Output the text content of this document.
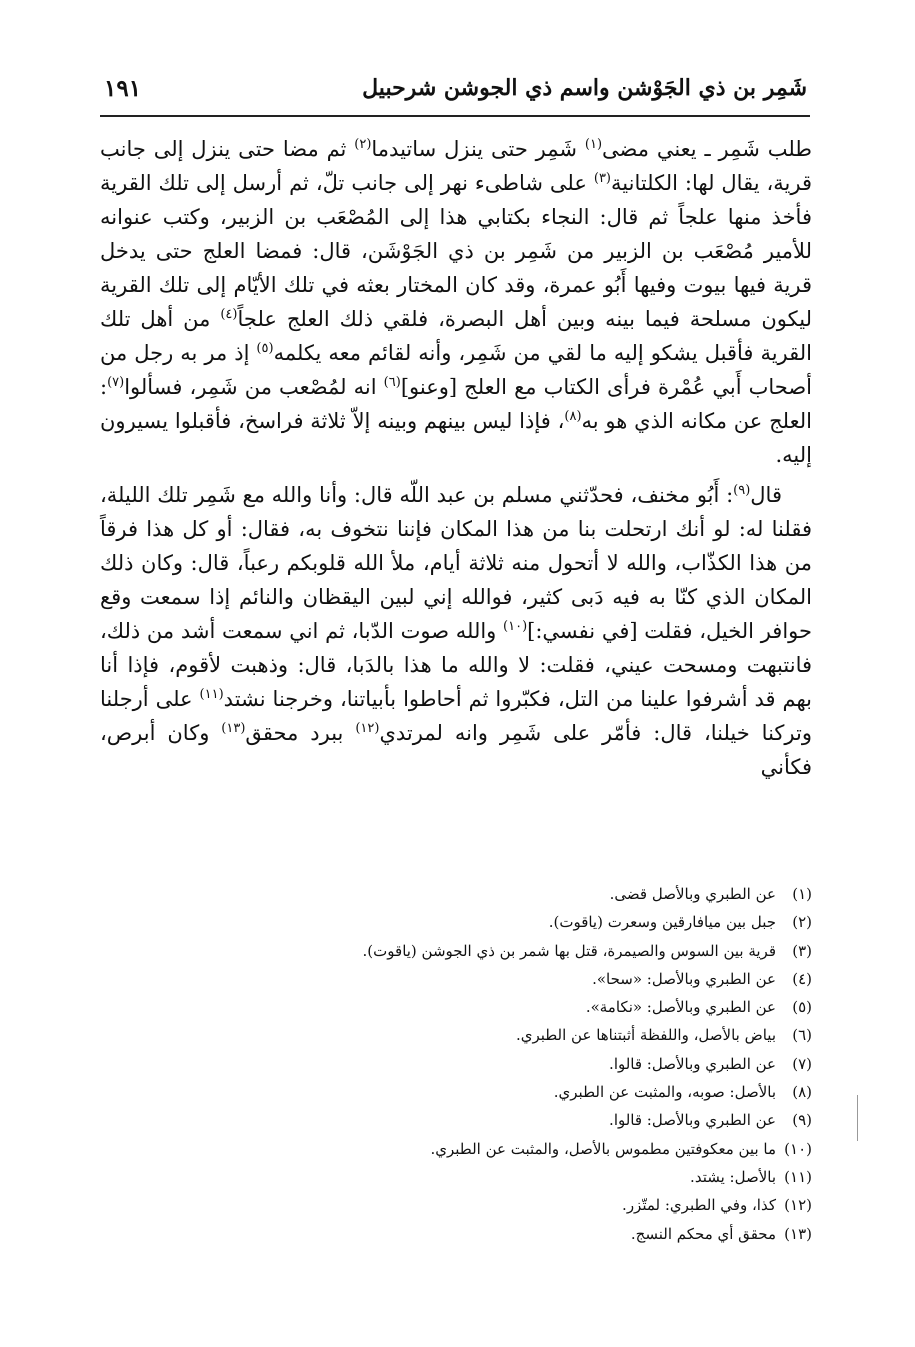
شَمِر بن ذي الجَوْشن واسم ذي الجوشن شرحبيل
١٩١

طلب شَمِر ـ يعني مضى$^{(١)}$ شَمِر حتى ينزل ساتيدما$^{(٢)}$ ثم مضا حتى ينزل إلى جانب قرية، يقال لها: الكلتانية$^{(٣)}$ على شاطىء نهر إلى جانب تلّ، ثم أرسل إلى تلك القرية فأخذ منها علجاً ثم قال: النجاء بكتابي هذا إلى المُصْعَب بن الزبير، وكتب عنوانه للأمير مُصْعَب بن الزبير من شَمِر بن ذي الجَوْشَن، قال: فمضا العلج حتى يدخل قرية فيها بيوت وفيها أَبُو عمرة، وقد كان المختار بعثه في تلك الأيّام إلى تلك القرية ليكون مسلحة فيما بينه وبين أهل البصرة، فلقي ذلك العلج علجاً$^{(٤)}$ من أهل تلك القرية فأقبل يشكو إليه ما لقي من شَمِر، وأنه لقائم معه يكلمه$^{(٥)}$ إذ مر به رجل من أصحاب أَبي عُمْرة فرأى الكتاب مع العلج [وعنو]$^{(٦)}$ انه لمُصْعب من شَمِر، فسألوا$^{(٧)}$: العلج عن مكانه الذي هو به$^{(٨)}$، فإذا ليس بينهم وبينه إلاّ ثلاثة فراسخ، فأقبلوا يسيرون إليه.

قال$^{(٩)}$: أَبُو مخنف، فحدّثني مسلم بن عبد اللّه قال: وأنا والله مع شَمِر تلك الليلة، فقلنا له: لو أنك ارتحلت بنا من هذا المكان فإننا نتخوف به، فقال: أو كل هذا فرقاً من هذا الكذّاب، والله لا أتحول منه ثلاثة أيام، ملأ الله قلوبكم رعباً، قال: وكان ذلك المكان الذي كنّا به فيه دَبى كثير، فوالله إني لبين اليقظان والنائم إذا سمعت وقع حوافر الخيل، فقلت [في نفسي:]$^{(١٠)}$ والله صوت الدّبا، ثم اني سمعت أشد من ذلك، فانتبهت ومسحت عيني، فقلت: لا والله ما هذا بالدَبا، قال: وذهبت لأقوم، فإذا أنا بهم قد أشرفوا علينا من التل، فكبّروا ثم أحاطوا بأبياتنا، وخرجنا نشتد$^{(١١)}$ على أرجلنا وتركنا خيلنا، قال: فأمّر على شَمِر وانه لمرتدي$^{(١٢)}$ ببرد محقق$^{(١٣)}$ وكان أبرص، فكأني

(١)عن الطبري وبالأصل قضى.
(٢)جبل بين ميافارقين وسعرت (ياقوت).
(٣)قرية بين السوس والصيمرة، قتل بها شمر بن ذي الجوشن (ياقوت).
(٤)عن الطبري وبالأصل: «سحا».
(٥)عن الطبري وبالأصل: «نكامة».
(٦)بياض بالأصل، واللفظة أثبتناها عن الطبري.
(٧)عن الطبري وبالأصل: قالوا.
(٨)بالأصل: صوبه، والمثبت عن الطبري.
(٩)عن الطبري وبالأصل: قالوا.
(١٠)ما بين معكوفتين مطموس بالأصل، والمثبت عن الطبري.
(١١)بالأصل: يشتد.
(١٢)كذا، وفي الطبري: لمتّزر.
(١٣)محقق أي محكم النسج.
